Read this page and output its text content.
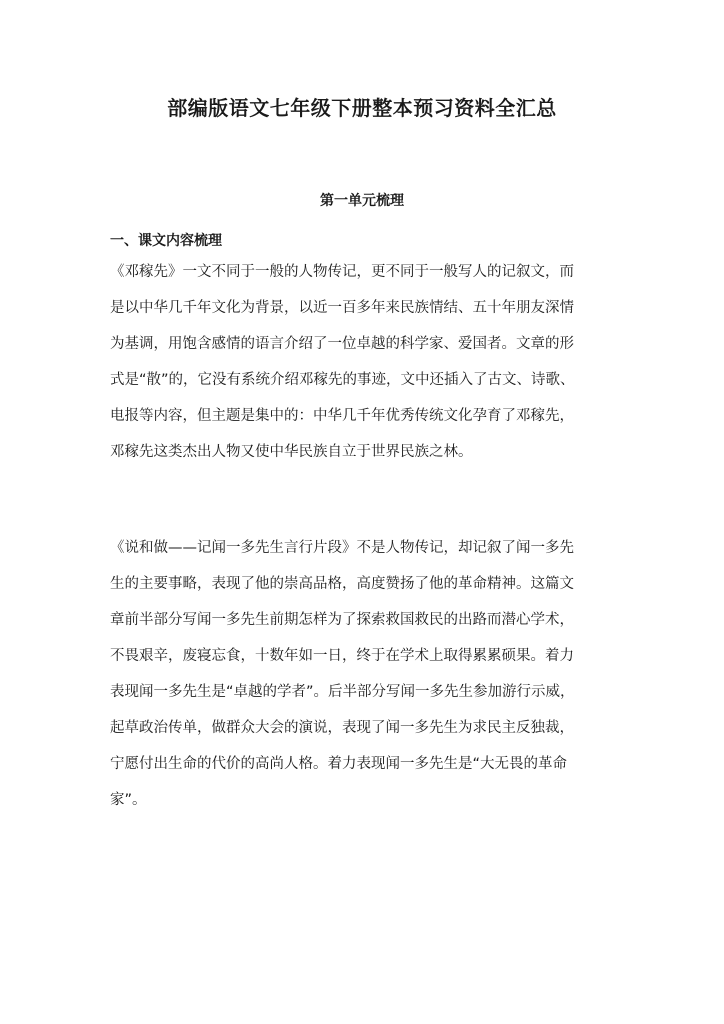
部编版语文七年级下册整本预习资料全汇总
第一单元梳理
一、课文内容梳理

《邓稼先》一文不同于一般的人物传记，更不同于一般写人的记叙文，而
是以中华几千年文化为背景，以近一百多年来民族情结、五十年朋友深情
为基调，用饱含感情的语言介绍了一位卓越的科学家、爱国者。文章的形
式是“散”的，它没有系统介绍邓稼先的事迹，文中还插入了古文、诗歌、
电报等内容，但主题是集中的：中华几千年优秀传统文化孕育了邓稼先，
邓稼先这类杰出人物又使中华民族自立于世界民族之林。

《说和做——记闻一多先生言行片段》不是人物传记，却记叙了闻一多先
生的主要事略，表现了他的崇高品格，高度赞扬了他的革命精神。这篇文
章前半部分写闻一多先生前期怎样为了探索救国救民的出路而潜心学术，
不畏艰辛，废寝忘食，十数年如一日，终于在学术上取得累累硕果。着力
表现闻一多先生是“卓越的学者”。后半部分写闻一多先生参加游行示威，
起草政治传单，做群众大会的演说，表现了闻一多先生为求民主反独裁，
宁愿付出生命的代价的高尚人格。着力表现闻一多先生是“大无畏的革命
家”。
